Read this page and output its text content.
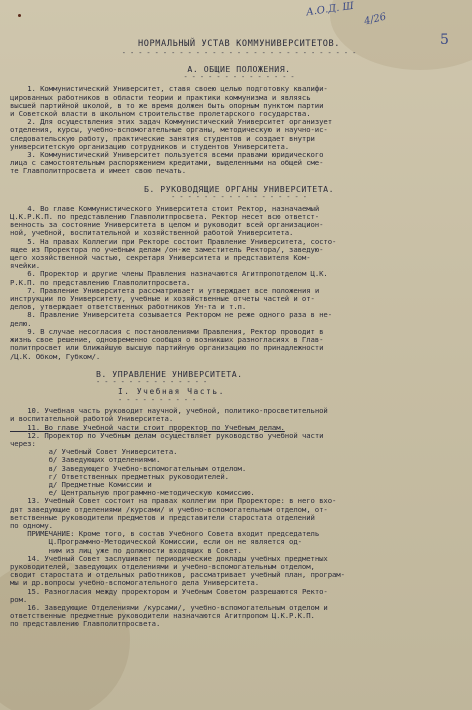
А.О.Д. Ш
4/26
5
НОРМАЛЬНЫЙ УСТАВ КОММУНИВЕРСИТЕТОВ.
- - - - - - - - - - - - - - - - - - - - - - - - - - - - -
А. ОБЩИЕ ПОЛОЖЕНИЯ.
- - - - - - - - - - - - - -

1. Коммунистический Университет, ставя своею целью подготовку квалифи-
цированных работников в области теории и практики коммунизма и являясь
высшей партийной школой, в то же время должен быть опорным пунктом партии
и Советской власти в школьном строительстве пролетарского государства.

2. Для осуществления этих задач Коммунистический Университет организует
отделения, курсы, учебно-вспомогательные органы, методическую и научно-ис-
следовательскую работу, практические занятия студентов и создает внутри
университетскую организацию сотрудников и студентов Университета.

3. Коммунистический Университет пользуется всеми правами юридического
лица с самостоятельным распоряжением кредитами, выделенными на общей сме-
те Главполитпросвета и имеет свою печать.

Б. РУКОВОДЯЩИЕ ОРГАНЫ УНИВЕРСИТЕТА.
- - - - - - - - - - - - - - - - -

4. Во главе Коммунистического Университета стоит Ректор, назначаемый
Ц.К.Р.К.П. по представлению Главполитпросвета. Ректор несет всю ответст-
венность за состояние Университета в целом и руководит всей организацион-
ной, учебной, воспитательной и хозяйственной работой Университета.

5. На правах Коллегии при Ректоре состоит Правление Университета, состо-
ящее из Проректора по учебным делам /он-же заместитель Ректора/, заведую-
щего хозяйственной частью, секретаря Университета и представителя Ком-
ячейки.

6. Проректор и другие члены Правления назначаются Агитпропотделом Ц.К.
Р.К.П. по представлению Главполитпросвета.

7. Правление Университета рассматривает и утверждает все положения и
инструкции по Университету, учебные и хозяйственные отчеты частей и от-
делов, утверждает ответственных работников Ун-та и т.п.

8. Правление Университета созывается Ректором не реже одного раза в не-
делю.

9. В случае несогласия с постановлениями Правления, Ректор проводит в
жизнь свое решение, одновременно сообщая о возникших разногласиях в Глав-
политпросвет или ближайшую высшую партийную организацию по принадлежности
/Ц.К. Обком, Губком/.

В. УПРАВЛЕНИЕ УНИВЕРСИТЕТА.
- - - - - - - - - - - - - -
I. Учебная Часть.
- - - - - - - - - -

10. Учебная часть руководит научной, учебной, политико-просветительной
и воспитательной работой Университета.

11. Во главе Учебной части стоит проректор по Учебным делам.

12. Проректор по Учебным делам осуществляет руководство учебной части
через:

а/ Учебный Совет Университета.
б/ Заведующих отделениями.
в/ Заведующего Учебно-вспомогательным отделом.
г/ Ответственных предметных руководителей.
д/ Предметные Комиссии и
е/ Центральную программно-методическую комиссию.

13. Учебный Совет состоит на правах коллегии при Проректоре: в него вхо-
дят заведующие отделениями /курсами/ и учебно-вспомогательным отделом, от-
ветственные руководители предметов и представители старостата отделений
по одному.

ПРИМЕЧАНИЕ: Кроме того, в состав Учебного Совета входит председатель
Ц.Программно-Методической Комиссии, если он не является од-
ним из лиц уже по должности входящих в Совет.

14. Учебный Совет заслушивает периодические доклады учебных предметных
руководителей, заведующих отделениями и учебно-вспомогательным отделом,
сводит старостата и отдельных работников, рассматривает учебный план, програм-
мы и др.вопросы учебно-вспомогательного дела Университета.

15. Разногласия между проректором и Учебным Советом разрешаются Ректо-
ром.

16. Заведующие Отделениями /курсами/, учебно-вспомогательным отделом и
ответственные предметные руководители назначаются Агитпропом Ц.К.Р.К.П.
по представлению Главполитпросвета.
